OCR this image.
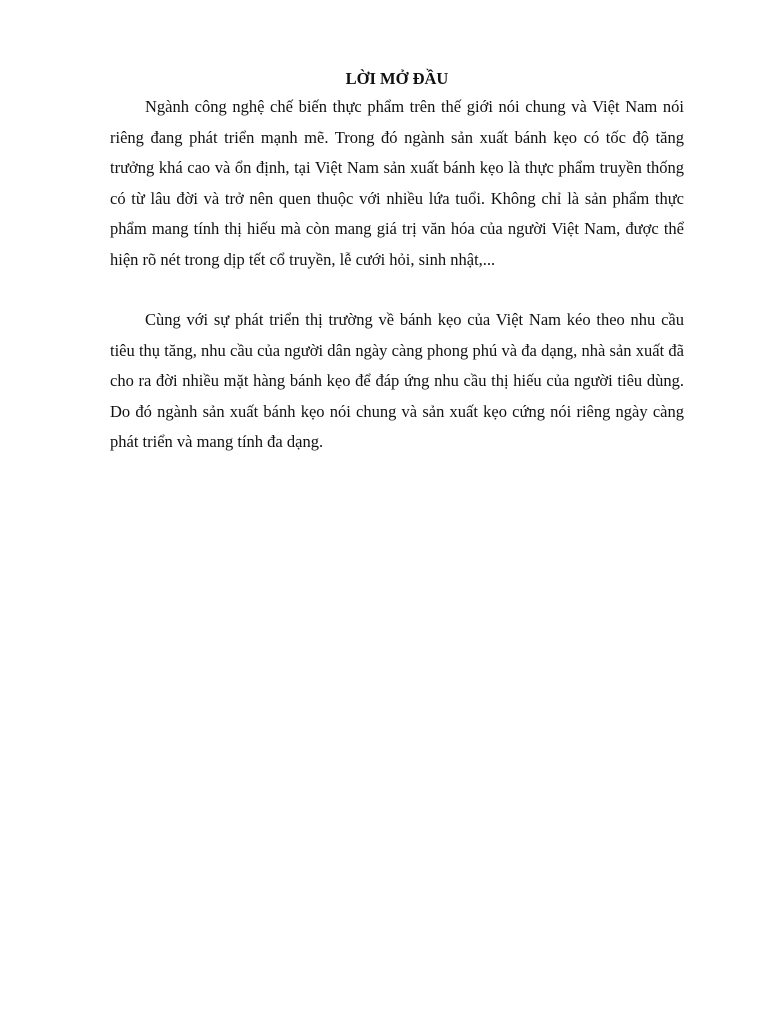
LỜI MỞ ĐẦU

Ngành công nghệ chế biến thực phẩm trên thế giới nói chung và Việt Nam nói riêng đang phát triển mạnh mẽ. Trong đó ngành sản xuất bánh kẹo có tốc độ tăng trưởng khá cao và ổn định, tại Việt Nam sản xuất bánh kẹo là thực phẩm truyền thống có từ lâu đời và trở nên quen thuộc với nhiều lứa tuổi. Không chỉ là sản phẩm thực phẩm mang tính thị hiếu mà còn mang giá trị văn hóa của người Việt Nam, được thể hiện rõ nét trong dịp tết cổ truyền, lễ cưới hỏi, sinh nhật,...

Cùng với sự phát triển thị trường về bánh kẹo của Việt Nam kéo theo nhu cầu tiêu thụ tăng, nhu cầu của người dân ngày càng phong phú và đa dạng, nhà sản xuất đã cho ra đời nhiều mặt hàng bánh kẹo để đáp ứng nhu cầu thị hiếu của người tiêu dùng. Do đó ngành sản xuất bánh kẹo nói chung và sản xuất kẹo cứng nói riêng ngày càng phát triển và mang tính đa dạng.
